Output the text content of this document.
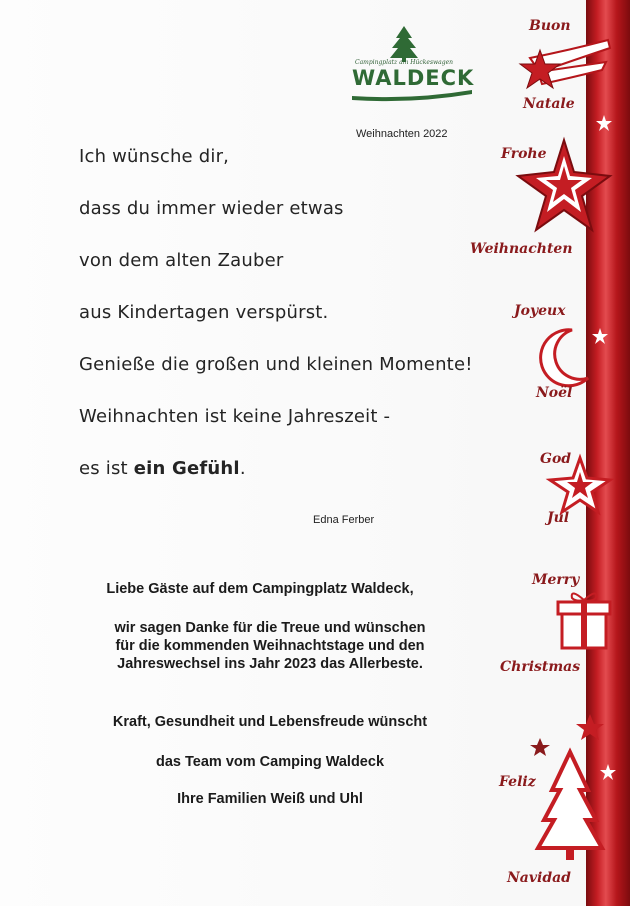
Campingplatz am Hückeswagen
WALDECK
Weihnachten 2022
Ich wünsche dir,
dass du immer wieder etwas
von dem alten Zauber
aus Kindertagen verspürst.
Genieße die großen und kleinen Momente!
Weihnachten ist keine Jahreszeit -
es ist ein Gefühl.
Edna Ferber
Liebe Gäste auf dem Campingplatz Waldeck,
wir sagen Danke für die Treue und wünschen
für die kommenden Weihnachtstage und den
Jahreswechsel ins Jahr 2023 das Allerbeste.
Kraft, Gesundheit und Lebensfreude wünscht
das Team vom Camping Waldeck
Ihre Familien Weiß und Uhl
Buon
Natale
Frohe
Weihnachten
Joyeux
Noël
God
Jul
Merry
Christmas
Feliz
Navidad
